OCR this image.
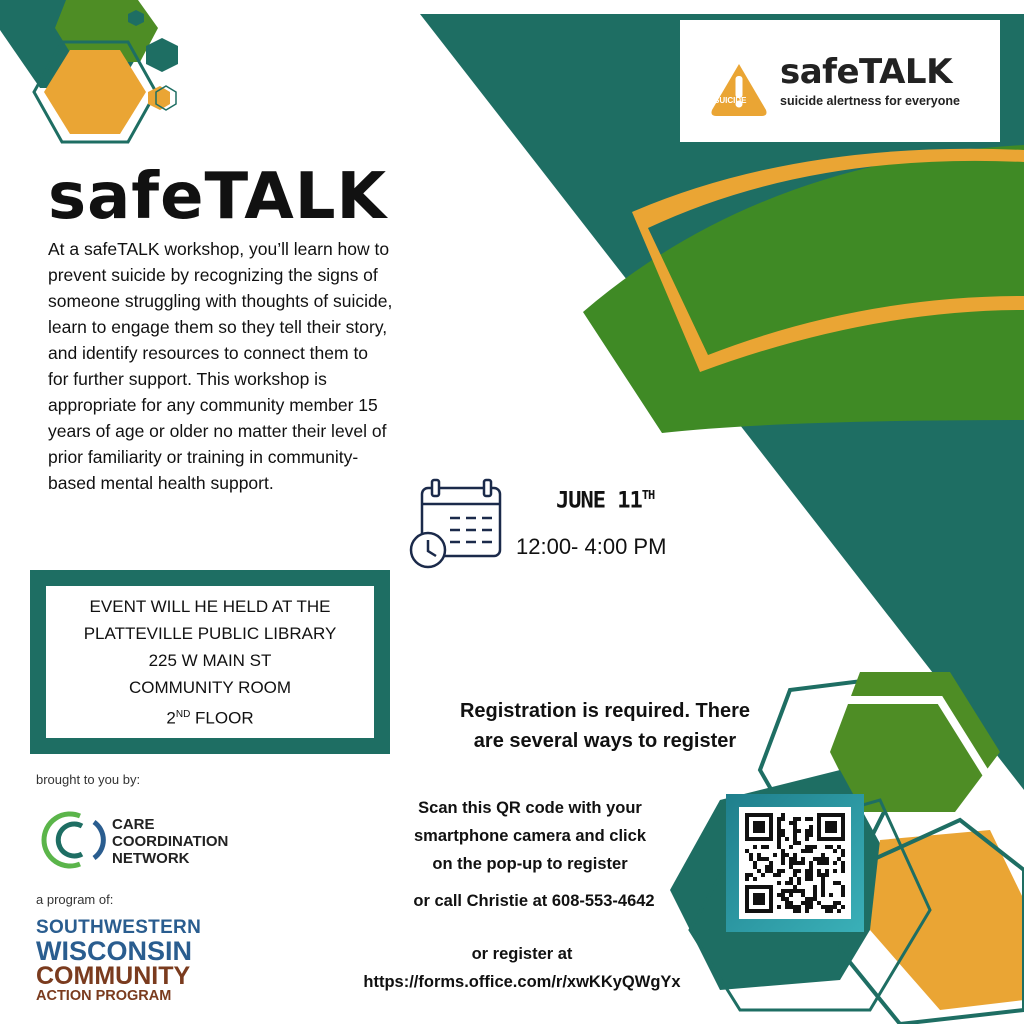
SUICIDE
safeTALK
suicide alertness for everyone
safeTALK
At a safeTALK workshop, you’ll learn how to prevent suicide by recognizing the signs of someone struggling with thoughts of suicide, learn to engage them so they tell their story, and identify resources to connect them to for further support. This workshop is appropriate for any community member 15 years of age or older no matter their level of prior familiarity or training in community-based mental health support.
EVENT WILL HE HELD AT THE
PLATTEVILLE PUBLIC LIBRARY
225 W MAIN ST
COMMUNITY ROOM
2ND FLOOR
JUNE 11TH
12:00- 4:00 PM
Registration is required. There
are several ways to register
Scan this QR code with your
smartphone camera and click
on the pop-up to register
or call Christie at 608-553-4642
or register at
https://forms.office.com/r/xwKKyQWgYx
brought to you by:
CARE
COORDINATION
NETWORK
a program of:
SOUTHWESTERN
WISCONSIN
COMMUNITY
ACTION PROGRAM
